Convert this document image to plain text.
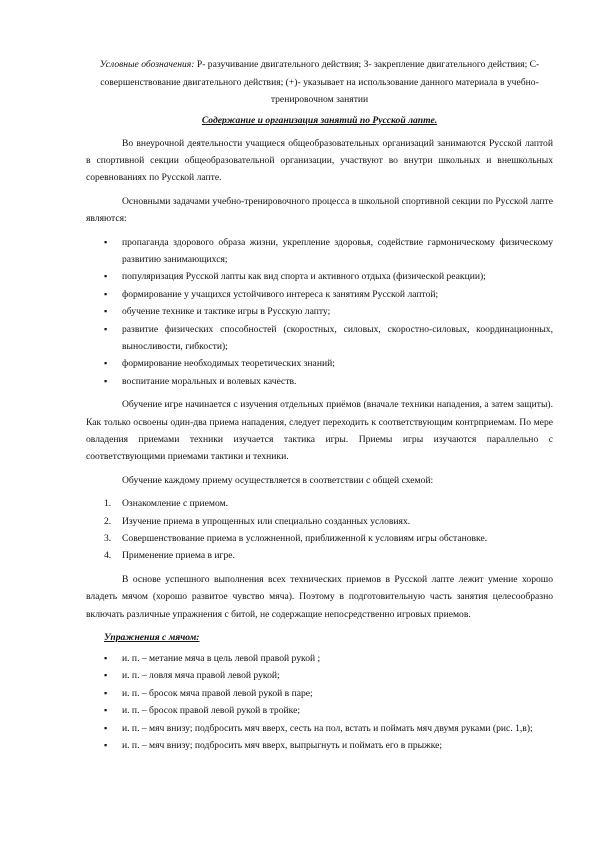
Условные обозначения: Р- разучивание двигательного действия; З- закрепление двигательного действия; С- совершенствование двигательного действия; (+)- указывает на использование данного материала в учебно-тренировочном занятии
Содержание и организация занятий по Русской лапте.

Во внеурочной деятельности учащиеся общеобразовательных организаций занимаются Русской лаптой в спортивной секции общеобразовательной организации, участвуют во внутри школьных и внешкольных соревнованиях по Русской лапте.

Основными задачами учебно-тренировочного процесса в школьной спортивной секции по Русской лапте являются:

▪ пропаганда здорового образа жизни, укрепление здоровья, содействие гармоническому физическому развитию занимающихся;
▪ популяризация Русской лапты как вид спорта и активного отдыха (физической реакции);
▪ формирование у учащихся устойчивого интереса к занятиям Русской лаптой;
▪ обучение технике и тактике игры в Русскую лапту;
▪ развитие физических способностей (скоростных, силовых, скоростно-силовых, координационных, выносливости, гибкости);
▪ формирование необходимых теоретических знаний;
▪ воспитание моральных и волевых качеств.

Обучение игре начинается с изучения отдельных приёмов (вначале техники нападения, а затем защиты). Как только освоены один-два приема нападения, следует переходить к соответствующим контрприемам. По мере овладения приемами техники изучается тактика игры. Приемы игры изучаются параллельно с соответствующими приемами тактики и техники.

Обучение каждому приему осуществляется в соответствии с общей схемой:

1. Ознакомление с приемом.
2. Изучение приема в упрощенных или специально созданных условиях.
3. Совершенствование приема в усложненной, приближенной к условиям игры обстановке.
4. Применение приема в игре.

В основе успешного выполнения всех технических приемов в Русской лапте лежит умение хорошо владеть мячом (хорошо развитое чувство мяча). Поэтому в подготовительную часть занятия целесообразно включать различные упражнения с битой, не содержащие непосредственно игровых приемов.

Упражнения с мячом:
▪ и. п. – метание мяча в цель левой правой рукой ;
▪ и. п. – ловля мяча правой левой рукой;
▪ и. п. – бросок мяча правой левой рукой в паре;
▪ и. п. – бросок правой левой рукой в тройке;
▪ и. п. – мяч внизу; подбросить мяч вверх, сесть на пол, встать и поймать мяч двумя руками (рис. 1,в);
▪ и. п. – мяч внизу; подбросить мяч вверх, выпрыгнуть и поймать его в прыжке;
